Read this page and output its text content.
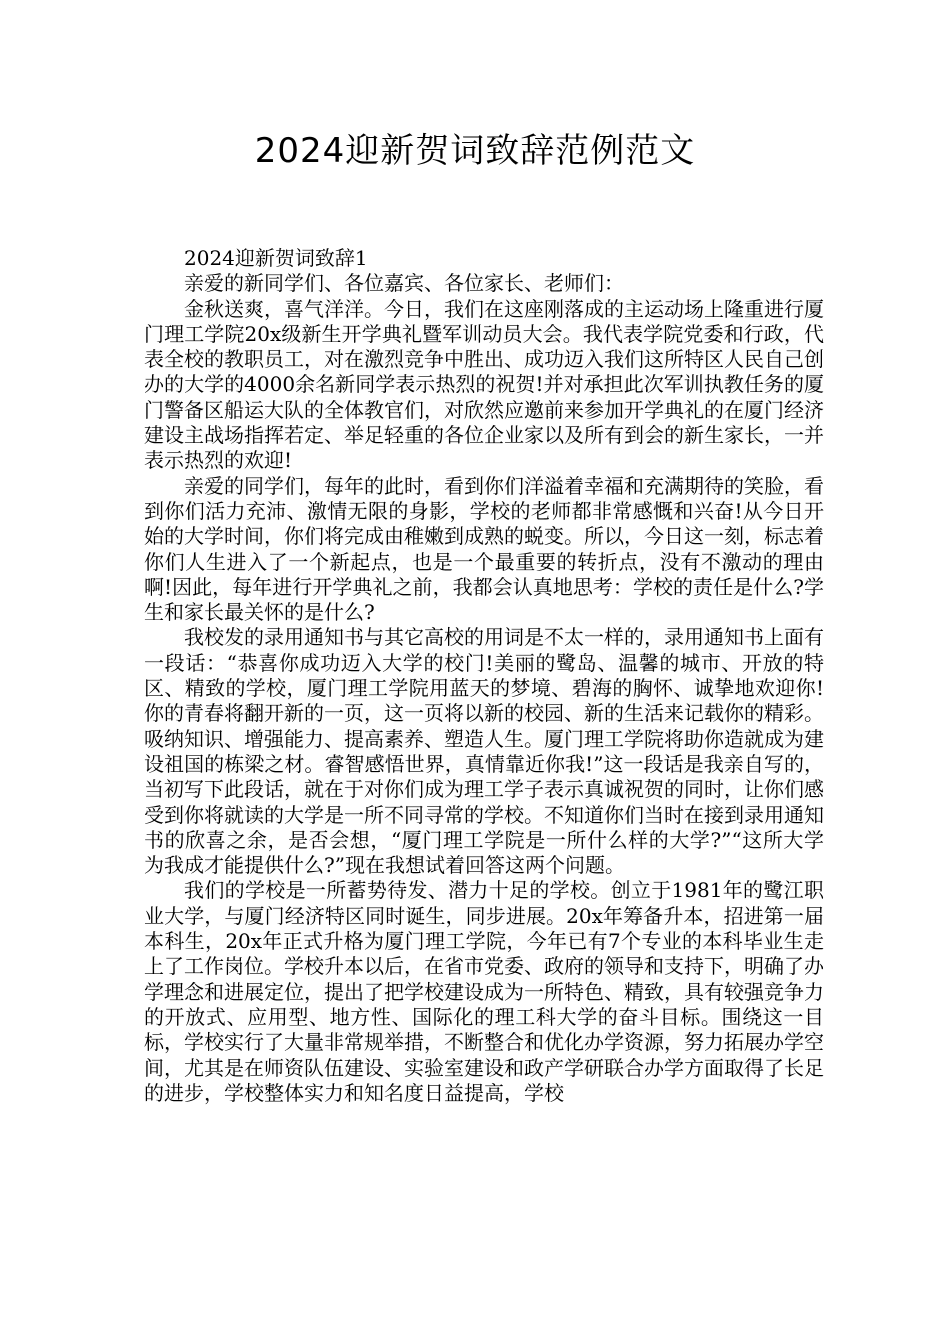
2024迎新贺词致辞范例范文

2024迎新贺词致辞1

亲爱的新同学们、各位嘉宾、各位家长、老师们：

金秋送爽，喜气洋洋。今日，我们在这座刚落成的主运动场上隆重进行厦门理工学院20x级新生开学典礼暨军训动员大会。我代表学院党委和行政，代表全校的教职员工，对在激烈竞争中胜出、成功迈入我们这所特区人民自己创办的大学的4000余名新同学表示热烈的祝贺!并对承担此次军训执教任务的厦门警备区船运大队的全体教官们，对欣然应邀前来参加开学典礼的在厦门经济建设主战场指挥若定、举足轻重的各位企业家以及所有到会的新生家长，一并表示热烈的欢迎!

亲爱的同学们，每年的此时，看到你们洋溢着幸福和充满期待的笑脸，看到你们活力充沛、激情无限的身影，学校的老师都非常感慨和兴奋!从今日开始的大学时间，你们将完成由稚嫩到成熟的蜕变。所以，今日这一刻，标志着你们人生进入了一个新起点，也是一个最重要的转折点，没有不激动的理由啊!因此，每年进行开学典礼之前，我都会认真地思考：学校的责任是什么?学生和家长最关怀的是什么?

我校发的录用通知书与其它高校的用词是不太一样的，录用通知书上面有一段话：“恭喜你成功迈入大学的校门!美丽的鹭岛、温馨的城市、开放的特区、精致的学校，厦门理工学院用蓝天的梦境、碧海的胸怀、诚挚地欢迎你!你的青春将翻开新的一页，这一页将以新的校园、新的生活来记载你的精彩。吸纳知识、增强能力、提高素养、塑造人生。厦门理工学院将助你造就成为建设祖国的栋梁之材。睿智感悟世界，真情靠近你我!”这一段话是我亲自写的，当初写下此段话，就在于对你们成为理工学子表示真诚祝贺的同时，让你们感受到你将就读的大学是一所不同寻常的学校。不知道你们当时在接到录用通知书的欣喜之余，是否会想，“厦门理工学院是一所什么样的大学?”“这所大学为我成才能提供什么?”现在我想试着回答这两个问题。

我们的学校是一所蓄势待发、潜力十足的学校。创立于1981年的鹭江职业大学，与厦门经济特区同时诞生，同步进展。20x年筹备升本，招进第一届本科生，20x年正式升格为厦门理工学院，今年已有7个专业的本科毕业生走上了工作岗位。学校升本以后，在省市党委、政府的领导和支持下，明确了办学理念和进展定位，提出了把学校建设成为一所特色、精致，具有较强竞争力的开放式、应用型、地方性、国际化的理工科大学的奋斗目标。围绕这一目标，学校实行了大量非常规举措，不断整合和优化办学资源，努力拓展办学空间，尤其是在师资队伍建设、实验室建设和政产学研联合办学方面取得了长足的进步，学校整体实力和知名度日益提高，学校
